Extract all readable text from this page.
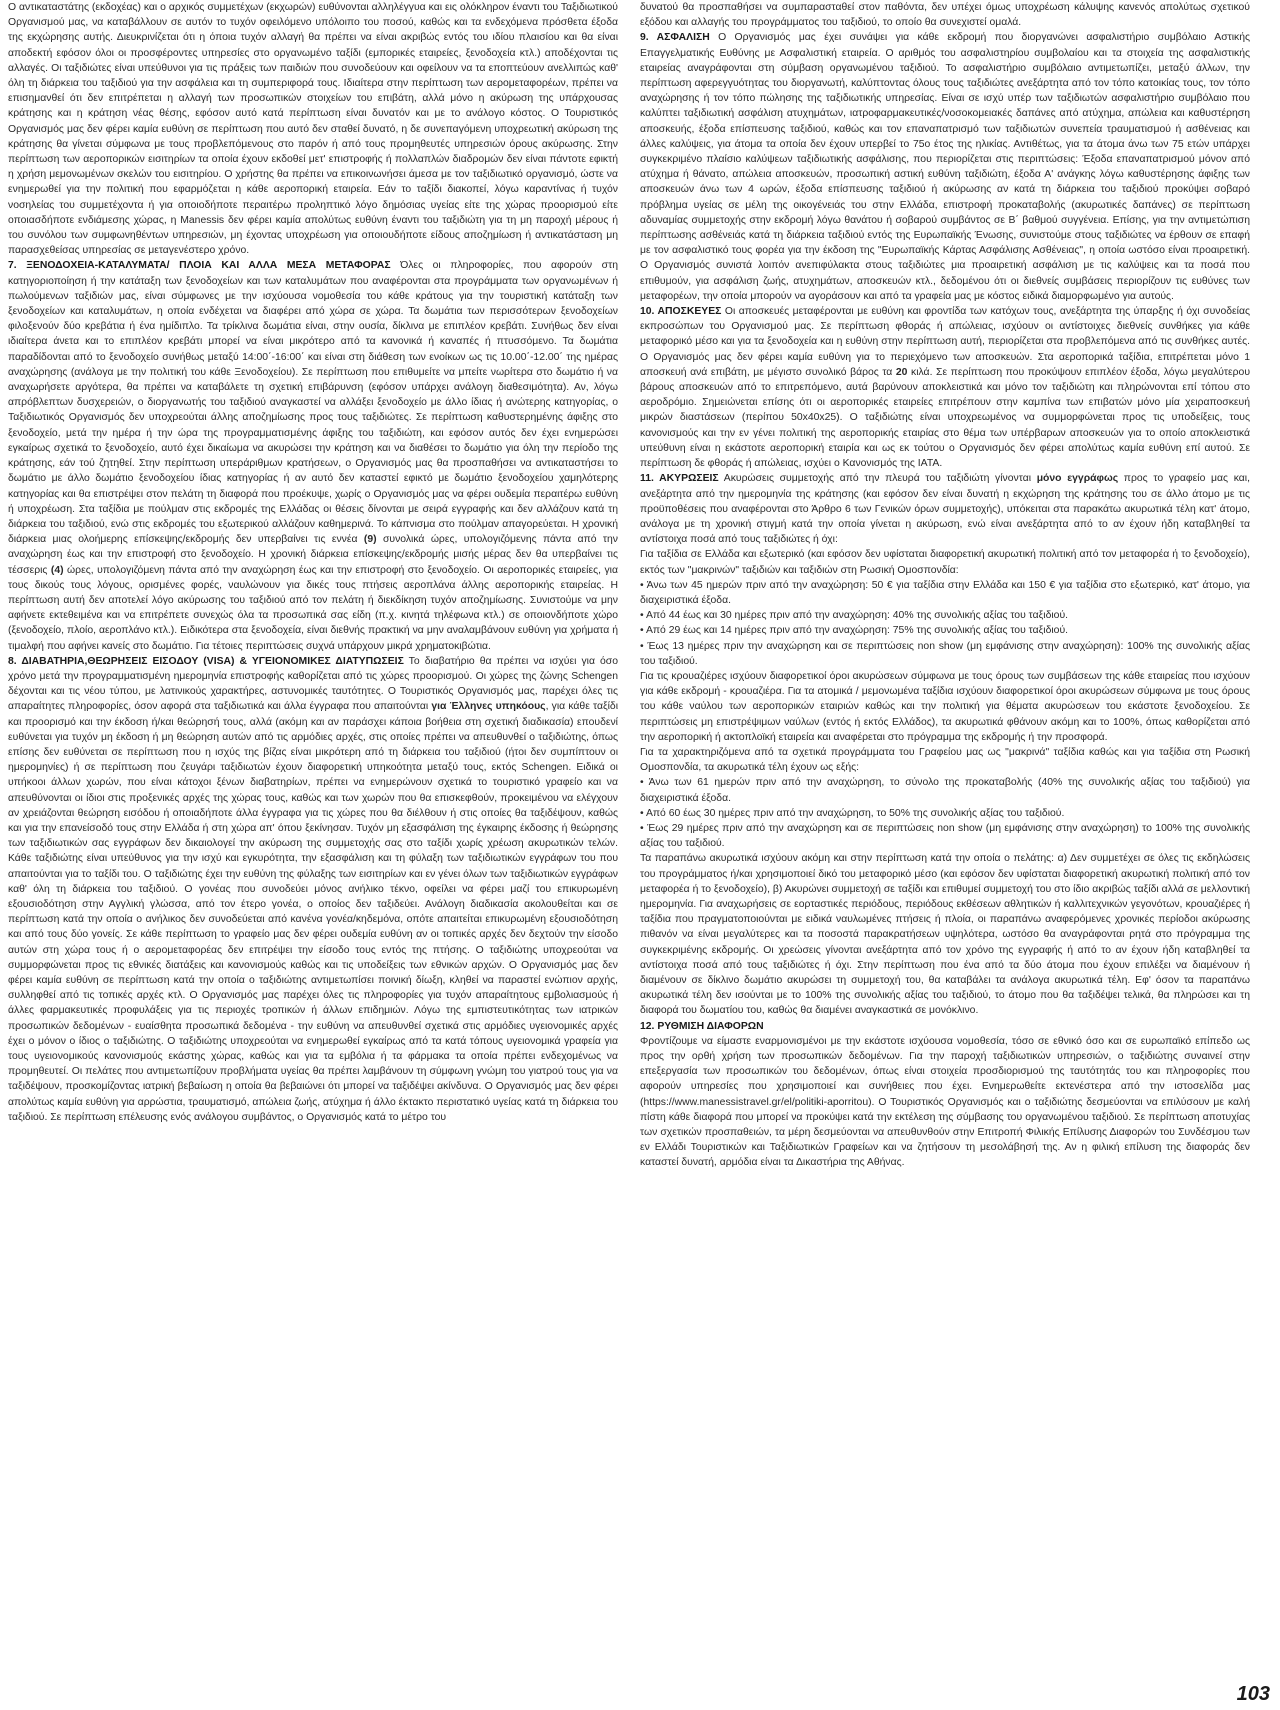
Ο αντικαταστάτης (εκδοχέας) και ο αρχικός συμμετέχων (εκχωρών) ευθύνονται αλληλέγγυα και εις ολόκληρον έναντι του Ταξιδιωτικού Οργανισμού μας, να καταβάλλουν σε αυτόν το τυχόν οφειλόμενο υπόλοιπο του ποσού, καθώς και τα ενδεχόμενα πρόσθετα έξοδα της εκχώρησης αυτής. Διευκρινίζεται ότι η όποια τυχόν αλλαγή θα πρέπει να είναι ακριβώς εντός του ιδίου πλαισίου και θα είναι αποδεκτή εφόσον όλοι οι προσφέροντες υπηρεσίες στο οργανωμένο ταξίδι (εμπορικές εταιρείες, ξενοδοχεία κτλ.) αποδέχονται τις αλλαγές. Οι ταξιδιώτες είναι υπεύθυνοι για τις πράξεις των παιδιών που συνοδεύουν και οφείλουν να τα εποπτεύουν ανελλιπώς καθ' όλη τη διάρκεια του ταξιδιού για την ασφάλεια και τη συμπεριφορά τους. Ιδιαίτερα στην περίπτωση των αερομεταφορέων, πρέπει να επισημανθεί ότι δεν επιτρέπεται η αλλαγή των προσωπικών στοιχείων του επιβάτη, αλλά μόνο η ακύρωση της υπάρχουσας κράτησης και η κράτηση νέας θέσης, εφόσον αυτό κατά περίπτωση είναι δυνατόν και με το ανάλογο κόστος. Ο Τουριστικός Οργανισμός μας δεν φέρει καμία ευθύνη σε περίπτωση που αυτό δεν σταθεί δυνατό, η δε συνεπαγόμενη υποχρεωτική ακύρωση της κράτησης θα γίνεται σύμφωνα με τους προβλεπόμενους στο παρόν ή από τους προμηθευτές υπηρεσιών όρους ακύρωσης. Στην περίπτωση των αεροπορικών εισιτηρίων τα οποία έχουν εκδοθεί μετ' επιστροφής ή πολλαπλών διαδρομών δεν είναι πάντοτε εφικτή η χρήση μεμονωμένων σκελών του εισιτηρίου. Ο χρήστης θα πρέπει να επικοινωνήσει άμεσα με τον ταξιδιωτικό οργανισμό, ώστε να ενημερωθεί για την πολιτική που εφαρμόζεται η κάθε αεροπορική εταιρεία. Εάν το ταξίδι διακοπεί, λόγω καραντίνας ή τυχόν νοσηλείας του συμμετέχοντα ή για οποιοδήποτε περαιτέρω προληπτικό λόγο δημόσιας υγείας είτε της χώρας προορισμού είτε οποιασδήποτε ενδιάμεσης χώρας, η Manessis δεν φέρει καμία απολύτως ευθύνη έναντι του ταξιδιώτη για τη μη παροχή μέρους ή του συνόλου των συμφωνηθέντων υπηρεσιών, μη έχοντας υποχρέωση για οποιουδήποτε είδους αποζημίωση ή αντικατάσταση μη παρασχεθείσας υπηρεσίας σε μεταγενέστερο χρόνο.

7. ΞΕΝΟΔΟΧΕΙΑ-ΚΑΤΑΛΥΜΑΤΑ/ ΠΛΟΙΑ ΚΑΙ ΑΛΛΑ ΜΕΣΑ ΜΕΤΑΦΟΡΑΣ Όλες οι πληροφορίες, που αφορούν στη κατηγοριοποίηση ή την κατάταξη των ξενοδοχείων και των καταλυμάτων που αναφέρονται στα προγράμματα των οργανωμένων ή πωλούμενων ταξιδιών μας, είναι σύμφωνες με την ισχύουσα νομοθεσία του κάθε κράτους για την τουριστική κατάταξη των ξενοδοχείων και καταλυμάτων, η οποία ενδέχεται να διαφέρει από χώρα σε χώρα. Τα δωμάτια των περισσότερων ξενοδοχείων φιλοξενούν δύο κρεβάτια ή ένα ημίδιπλο. Τα τρίκλινα δωμάτια είναι, στην ουσία, δίκλινα με επιπλέον κρεβάτι. Συνήθως δεν είναι ιδιαίτερα άνετα και το επιπλέον κρεβάτι μπορεί να είναι μικρότερο από τα κανονικά ή καναπές ή πτυσσόμενο. Τα δωμάτια παραδίδονται από το ξενοδοχείο συνήθως μεταξύ 14:00΄-16:00΄ και είναι στη διάθεση των ενοίκων ως τις 10.00΄-12.00΄ της ημέρας αναχώρησης (ανάλογα με την πολιτική του κάθε Ξενοδοχείου). Σε περίπτωση που επιθυμείτε να μπείτε νωρίτερα στο δωμάτιο ή να αναχωρήσετε αργότερα, θα πρέπει να καταβάλετε τη σχετική επιβάρυνση (εφόσον υπάρχει ανάλογη διαθεσιμότητα). Αν, λόγω απρόβλεπτων δυσχερειών, ο διοργανωτής του ταξιδιού αναγκαστεί να αλλάξει ξενοδοχείο με άλλο ίδιας ή ανώτερης κατηγορίας, ο Ταξιδιωτικός Οργανισμός δεν υποχρεούται άλλης αποζημίωσης προς τους ταξιδιώτες. Σε περίπτωση καθυστερημένης άφιξης στο ξενοδοχείο, μετά την ημέρα ή την ώρα της προγραμματισμένης άφιξης του ταξιδιώτη, και εφόσον αυτός δεν έχει ενημερώσει εγκαίρως σχετικά το ξενοδοχείο, αυτό έχει δικαίωμα να ακυρώσει την κράτηση και να διαθέσει το δωμάτιο για όλη την περίοδο της κράτησης, εάν τού ζητηθεί. Στην περίπτωση υπεράριθμων κρατήσεων, ο Οργανισμός μας θα προσπαθήσει να αντικαταστήσει το δωμάτιο με άλλο δωμάτιο ξενοδοχείου ίδιας κατηγορίας ή αν αυτό δεν καταστεί εφικτό με δωμάτιο ξενοδοχείου χαμηλότερης κατηγορίας και θα επιστρέψει στον πελάτη τη διαφορά που προέκυψε, χωρίς ο Οργανισμός μας να φέρει ουδεμία περαιτέρω ευθύνη ή υποχρέωση. Στα ταξίδια με πούλμαν στις εκδρομές της Ελλάδας οι θέσεις δίνονται με σειρά εγγραφής και δεν αλλάζουν κατά τη διάρκεια του ταξιδιού, ενώ στις εκδρομές του εξωτερικού αλλάζουν καθημερινά. Το κάπνισμα στο πούλμαν απαγορεύεται. Η χρονική διάρκεια μιας ολοήμερης επίσκεψης/εκδρομής δεν υπερβαίνει τις εννέα (9) συνολικά ώρες, υπολογιζόμενης πάντα από την αναχώρηση έως και την επιστροφή στο ξενοδοχείο. Η χρονική διάρκεια επίσκεψης/εκδρομής μισής μέρας δεν θα υπερβαίνει τις τέσσερις (4) ώρες, υπολογιζόμενη πάντα από την αναχώρηση έως και την επιστροφή στο ξενοδοχείο. Οι αεροπορικές εταιρείες, για τους δικούς τους λόγους, ορισμένες φορές, ναυλώνουν για δικές τους πτήσεις αεροπλάνα άλλης αεροπορικής εταιρείας. Η περίπτωση αυτή δεν αποτελεί λόγο ακύρωσης του ταξιδιού από τον πελάτη ή διεκδίκηση τυχόν αποζημίωσης. Συνιστούμε να μην αφήνετε εκτεθειμένα και να επιτρέπετε συνεχώς όλα τα προσωπικά σας είδη (π.χ. κινητά τηλέφωνα κτλ.) σε οποιονδήποτε χώρο (ξενοδοχείο, πλοίο, αεροπλάνο κτλ.). Ειδικότερα στα ξενοδοχεία, είναι διεθνής πρακτική να μην αναλαμβάνουν ευθύνη για χρήματα ή τιμαλφή που αφήνει κανείς στο δωμάτιο. Για τέτοιες περιπτώσεις συχνά υπάρχουν μικρά χρηματοκιβώτια.

8. ΔΙΑΒΑΤΗΡΙΑ,ΘΕΩΡΗΣΕΙΣ ΕΙΣΟΔΟΥ (VISA) & ΥΓΕΙΟΝΟΜΙΚΕΣ ΔΙΑΤΥΠΩΣΕΙΣ Το διαβατήριο θα πρέπει να ισχύει για όσο χρόνο μετά την προγραμματισμένη ημερομηνία επιστροφής καθορίζεται από τις χώρες προορισμού. Οι χώρες της ζώνης Schengen δέχονται και τις νέου τύπου, με λατινικούς χαρακτήρες, αστυνομικές ταυτότητες. Ο Τουριστικός Οργανισμός μας, παρέχει όλες τις απαραίτητες πληροφορίες, όσον αφορά στα ταξιδιωτικά και άλλα έγγραφα που απαιτούνται για Έλληνες υπηκόους, για κάθε ταξίδι και προορισμό και την έκδοση ή/και θεώρησή τους, αλλά (ακόμη και αν παράσχει κάποια βοήθεια στη σχετική διαδικασία) επουδενί ευθύνεται για τυχόν μη έκδοση ή μη θεώρηση αυτών από τις αρμόδιες αρχές, στις οποίες πρέπει να απευθυνθεί ο ταξιδιώτης, όπως επίσης δεν ευθύνεται σε περίπτωση που η ισχύς της βίζας είναι μικρότερη από τη διάρκεια του ταξιδιού (ήτοι δεν συμπίπτουν οι ημερομηνίες) ή σε περίπτωση που ζευγάρι ταξιδιωτών έχουν διαφορετική υπηκοότητα μεταξύ τους, εκτός Schengen. Ειδικά οι υπήκοοι άλλων χωρών, που είναι κάτοχοι ξένων διαβατηρίων, πρέπει να ενημερώνουν σχετικά το τουριστικό γραφείο και να απευθύνονται οι ίδιοι στις προξενικές αρχές της χώρας τους, καθώς και των χωρών που θα επισκεφθούν, προκειμένου να ελέγχουν αν χρειάζονται θεώρηση εισόδου ή οποιαδήποτε άλλα έγγραφα για τις χώρες που θα διέλθουν ή στις οποίες θα ταξιδέψουν, καθώς και για την επανείσοδό τους στην Ελλάδα ή στη χώρα απ' όπου ξεκίνησαν. Τυχόν μη εξασφάλιση της έγκαιρης έκδοσης ή θεώρησης των ταξιδιωτικών σας εγγράφων δεν δικαιολογεί την ακύρωση της συμμετοχής σας στο ταξίδι χωρίς χρέωση ακυρωτικών τελών. Κάθε ταξιδιώτης είναι υπεύθυνος για την ισχύ και εγκυρότητα, την εξασφάλιση και τη φύλαξη των ταξιδιωτικών εγγράφων του που απαιτούνται για το ταξίδι του. Ο ταξιδιώτης έχει την ευθύνη της φύλαξης των εισιτηρίων και εν γένει όλων των ταξιδιωτικών εγγράφων καθ' όλη τη διάρκεια του ταξιδιού. Ο γονέας που συνοδεύει μόνος ανήλικο τέκνο, οφείλει να φέρει μαζί του επικυρωμένη εξουσιοδότηση στην Αγγλική γλώσσα, από τον έτερο γονέα, ο οποίος δεν ταξιδεύει. Ανάλογη διαδικασία ακολουθείται και σε περίπτωση κατά την οποία ο ανήλικος δεν συνοδεύεται από κανένα γονέα/κηδεμόνα, οπότε απαιτείται επικυρωμένη εξουσιοδότηση και από τους δύο γονείς. Σε κάθε περίπτωση το γραφείο μας δεν φέρει ουδεμία ευθύνη αν οι τοπικές αρχές δεν δεχτούν την είσοδο αυτών στη χώρα τους ή ο αερομεταφορέας δεν επιτρέψει την είσοδο τους εντός της πτήσης. Ο ταξιδιώτης υποχρεούται να συμμορφώνεται προς τις εθνικές διατάξεις και κανονισμούς καθώς και τις υποδείξεις των εθνικών αρχών. Ο Οργανισμός μας δεν φέρει καμία ευθύνη σε περίπτωση κατά την οποία ο ταξιδιώτης αντιμετωπίσει ποινική δίωξη, κληθεί να παραστεί ενώπιον αρχής, συλληφθεί από τις τοπικές αρχές κτλ. Ο Οργανισμός μας παρέχει όλες τις πληροφορίες για τυχόν απαραίτητους εμβολιασμούς ή άλλες φαρμακευτικές προφυλάξεις για τις περιοχές τροπικών ή άλλων επιδημιών. Λόγω της εμπιστευτικότητας των ιατρικών προσωπικών δεδομένων - ευαίσθητα προσωπικά δεδομένα - την ευθύνη να απευθυνθεί σχετικά στις αρμόδιες υγειονομικές αρχές έχει ο μόνον ο ίδιος ο ταξιδιώτης. Ο ταξιδιώτης υποχρεούται να ενημερωθεί εγκαίρως από τα κατά τόπους υγειονομικά γραφεία για τους υγειονομικούς κανονισμούς εκάστης χώρας, καθώς και για τα εμβόλια ή τα φάρμακα τα οποία πρέπει ενδεχομένως να προμηθευτεί. Οι πελάτες που αντιμετωπίζουν προβλήματα υγείας θα πρέπει λαμβάνουν τη σύμφωνη γνώμη του γιατρού τους για να ταξιδέψουν, προσκομίζοντας ιατρική βεβαίωση η οποία θα βεβαιώνει ότι μπορεί να ταξιδέψει ακίνδυνα. Ο Οργανισμός μας δεν φέρει απολύτως καμία ευθύνη για αρρώστια, τραυματισμό, απώλεια ζωής, ατύχημα ή άλλο έκτακτο περιστατικό υγείας κατά τη διάρκεια του ταξιδιού. Σε περίπτωση επέλευσης ενός ανάλογου συμβάντος, ο Οργανισμός κατά το μέτρο του

δυνατού θα προσπαθήσει να συμπαρασταθεί στον παθόντα, δεν υπέχει όμως υποχρέωση κάλυψης κανενός απολύτως σχετικού εξόδου και αλλαγής του προγράμματος του ταξιδιού, το οποίο θα συνεχιστεί ομαλά.

9. ΑΣΦΑΛΙΣΗ Ο Οργανισμός μας έχει συνάψει για κάθε εκδρομή που διοργανώνει ασφαλιστήριο συμβόλαιο Αστικής Επαγγελματικής Ευθύνης με Ασφαλιστική εταιρεία. Ο αριθμός του ασφαλιστηρίου συμβολαίου και τα στοιχεία της ασφαλιστικής εταιρείας αναγράφονται στη σύμβαση οργανωμένου ταξιδιού. Το ασφαλιστήριο συμβόλαιο αντιμετωπίζει, μεταξύ άλλων, την περίπτωση αφερεγγυότητας του διοργανωτή, καλύπτοντας όλους τους ταξιδιώτες ανεξάρτητα από τον τόπο κατοικίας τους, τον τόπο αναχώρησης ή τον τόπο πώλησης της ταξιδιωτικής υπηρεσίας. Είναι σε ισχύ υπέρ των ταξιδιωτών ασφαλιστήριο συμβόλαιο που καλύπτει ταξιδιωτική ασφάλιση ατυχημάτων, ιατροφαρμακευτικές/νοσοκομειακές δαπάνες από ατύχημα, απώλεια και καθυστέρηση αποσκευής, έξοδα επίσπευσης ταξιδιού, καθώς και τον επαναπατρισμό των ταξιδιωτών συνεπεία τραυματισμού ή ασθένειας και άλλες καλύψεις, για άτομα τα οποία δεν έχουν υπερβεί το 75ο έτος της ηλικίας. Αντιθέτως, για τα άτομα άνω των 75 ετών υπάρχει συγκεκριμένο πλαίσιο καλύψεων ταξιδιωτικής ασφάλισης, που περιορίζεται στις περιπτώσεις: Έξοδα επαναπατρισμού μόνον από ατύχημα ή θάνατο, απώλεια αποσκευών, προσωπική αστική ευθύνη ταξιδιώτη, έξοδα Α' ανάγκης λόγω καθυστέρησης άφιξης των αποσκευών άνω των 4 ωρών, έξοδα επίσπευσης ταξιδιού ή ακύρωσης αν κατά τη διάρκεια του ταξιδιού προκύψει σοβαρό πρόβλημα υγείας σε μέλη της οικογένειάς του στην Ελλάδα, επιστροφή προκαταβολής (ακυρωτικές δαπάνες) σε περίπτωση αδυναμίας συμμετοχής στην εκδρομή λόγω θανάτου ή σοβαρού συμβάντος σε Β΄ βαθμού συγγένεια. Επίσης, για την αντιμετώπιση περίπτωσης ασθένειάς κατά τη διάρκεια ταξιδιού εντός της Ευρωπαϊκής Ένωσης, συνιστούμε στους ταξιδιώτες να έρθουν σε επαφή με τον ασφαλιστικό τους φορέα για την έκδοση της "Ευρωπαϊκής Κάρτας Ασφάλισης Ασθένειας", η οποία ωστόσο είναι προαιρετική. Ο Οργανισμός συνιστά λοιπόν ανεπιφύλακτα στους ταξιδιώτες μια προαιρετική ασφάλιση με τις καλύψεις και τα ποσά που επιθυμούν, για ασφάλιση ζωής, ατυχημάτων, αποσκευών κτλ., δεδομένου ότι οι διεθνείς συμβάσεις περιορίζουν τις ευθύνες των μεταφορέων, την οποία μπορούν να αγοράσουν και από τα γραφεία μας με κόστος ειδικά διαμορφωμένο για αυτούς.

10. ΑΠΟΣΚΕΥΕΣ Οι αποσκευές μεταφέρονται με ευθύνη και φροντίδα των κατόχων τους, ανεξάρτητα της ύπαρξης ή όχι συνοδείας εκπροσώπων του Οργανισμού μας. Σε περίπτωση φθοράς ή απώλειας, ισχύουν οι αντίστοιχες διεθνείς συνθήκες για κάθε μεταφορικό μέσο και για τα ξενοδοχεία και η ευθύνη στην περίπτωση αυτή, περιορίζεται στα προβλεπόμενα από τις συνθήκες αυτές. Ο Οργανισμός μας δεν φέρει καμία ευθύνη για το περιεχόμενο των αποσκευών. Στα αεροπορικά ταξίδια, επιτρέπεται μόνο 1 αποσκευή ανά επιβάτη, με μέγιστο συνολικό βάρος τα 20 κιλά. Σε περίπτωση που προκύψουν επιπλέον έξοδα, λόγω μεγαλύτερου βάρους αποσκευών από το επιτρεπόμενο, αυτά βαρύνουν αποκλειστικά και μόνο τον ταξιδιώτη και πληρώνονται επί τόπου στο αεροδρόμιο. Σημειώνεται επίσης ότι οι αεροπορικές εταιρείες επιτρέπουν στην καμπίνα των επιβατών μόνο μία χειραποσκευή μικρών διαστάσεων (περίπου 50x40x25). Ο ταξιδιώτης είναι υποχρεωμένος να συμμορφώνεται προς τις υποδείξεις, τους κανονισμούς και την εν γένει πολιτική της αεροπορικής εταιρίας στο θέμα των υπέρβαρων αποσκευών για το οποίο αποκλειστικά υπεύθυνη είναι η εκάστοτε αεροπορική εταιρία και ως εκ τούτου ο Οργανισμός δεν φέρει απολύτως καμία ευθύνη επί αυτού. Σε περίπτωση δε φθοράς ή απώλειας, ισχύει ο Κανονισμός της ΙΑΤΑ.

11. ΑΚΥΡΩΣΕΙΣ Ακυρώσεις συμμετοχής από την πλευρά του ταξιδιώτη γίνονται μόνο εγγράφως προς το γραφείο μας και, ανεξάρτητα από την ημερομηνία της κράτησης (και εφόσον δεν είναι δυνατή η εκχώρηση της κράτησης του σε άλλο άτομο με τις προϋποθέσεις που αναφέρονται στο Άρθρο 6 των Γενικών όρων συμμετοχής), υπόκειται στα παρακάτω ακυρωτικά τέλη κατ' άτομο, ανάλογα με τη χρονική στιγμή κατά την οποία γίνεται η ακύρωση, ενώ είναι ανεξάρτητα από το αν έχουν ήδη καταβληθεί τα αντίστοιχα ποσά από τους ταξιδιώτες ή όχι:

Για ταξίδια σε Ελλάδα και εξωτερικό (και εφόσον δεν υφίσταται διαφορετική ακυρωτική πολιτική από τον μεταφορέα ή το ξενοδοχείο), εκτός των "μακρινών" ταξιδιών και ταξιδιών στη Ρωσική Ομοσπονδία:

• Άνω των 45 ημερών πριν από την αναχώρηση: 50 € για ταξίδια στην Ελλάδα και 150 € για ταξίδια στο εξωτερικό, κατ' άτομο, για διαχειριστικά έξοδα.

• Από 44 έως και 30 ημέρες πριν από την αναχώρηση: 40% της συνολικής αξίας του ταξιδιού.

• Από 29 έως και 14 ημέρες πριν από την αναχώρηση: 75% της συνολικής αξίας του ταξιδιού.

• Έως 13 ημέρες πριν την αναχώρηση και σε περιπτώσεις non show (μη εμφάνισης στην αναχώρηση): 100% της συνολικής αξίας του ταξιδιού.

Για τις κρουαζιέρες ισχύουν διαφορετικοί όροι ακυρώσεων σύμφωνα με τους όρους των συμβάσεων της κάθε εταιρείας που ισχύουν για κάθε εκδρομή - κρουαζιέρα. Για τα ατομικά / μεμονωμένα ταξίδια ισχύουν διαφορετικοί όροι ακυρώσεων σύμφωνα με τους όρους του κάθε ναύλου των αεροπορικών εταιριών καθώς και την πολιτική για θέματα ακυρώσεων του εκάστοτε ξενοδοχείου. Σε περιπτώσεις μη επιστρέψιμων ναύλων (εντός ή εκτός Ελλάδος), τα ακυρωτικά φθάνουν ακόμη και το 100%, όπως καθορίζεται από την αεροπορική ή ακτοπλοϊκή εταιρεία και αναφέρεται στο πρόγραμμα της εκδρομής ή την προσφορά.

Για τα χαρακτηριζόμενα από τα σχετικά προγράμματα του Γραφείου μας ως "μακρινά" ταξίδια καθώς και για ταξίδια στη Ρωσική Ομοσπονδία, τα ακυρωτικά τέλη έχουν ως εξής:

• Άνω των 61 ημερών πριν από την αναχώρηση, το σύνολο της προκαταβολής (40% της συνολικής αξίας του ταξιδιού) για διαχειριστικά έξοδα.

• Από 60 έως 30 ημέρες πριν από την αναχώρηση, το 50% της συνολικής αξίας του ταξιδιού.

• Έως 29 ημέρες πριν από την αναχώρηση και σε περιπτώσεις non show (μη εμφάνισης στην αναχώρηση) το 100% της συνολικής αξίας του ταξιδιού.

Τα παραπάνω ακυρωτικά ισχύουν ακόμη και στην περίπτωση κατά την οποία ο πελάτης: α) Δεν συμμετέχει σε όλες τις εκδηλώσεις του προγράμματος ή/και χρησιμοποιεί δικό του μεταφορικό μέσο (και εφόσον δεν υφίσταται διαφορετική ακυρωτική πολιτική από τον μεταφορέα ή το ξενοδοχείο), β) Ακυρώνει συμμετοχή σε ταξίδι και επιθυμεί συμμετοχή του στο ίδιο ακριβώς ταξίδι αλλά σε μελλοντική ημερομηνία. Για αναχωρήσεις σε εορταστικές περιόδους, περιόδους εκθέσεων αθλητικών ή καλλιτεχνικών γεγονότων, κρουαζιέρες ή ταξίδια που πραγματοποιούνται με ειδικά ναυλωμένες πτήσεις ή πλοία, οι παραπάνω αναφερόμενες χρονικές περίοδοι ακύρωσης πιθανόν να είναι μεγαλύτερες και τα ποσοστά παρακρατήσεων υψηλότερα, ωστόσο θα αναγράφονται ρητά στο πρόγραμμα της συγκεκριμένης εκδρομής. Οι χρεώσεις γίνονται ανεξάρτητα από τον χρόνο της εγγραφής ή από το αν έχουν ήδη καταβληθεί τα αντίστοιχα ποσά από τους ταξιδιώτες ή όχι. Στην περίπτωση που ένα από τα δύο άτομα που έχουν επιλέξει να διαμένουν ή διαμένουν σε δίκλινο δωμάτιο ακυρώσει τη συμμετοχή του, θα καταβάλει τα ανάλογα ακυρωτικά τέλη. Εφ' όσον τα παραπάνω ακυρωτικά τέλη δεν ισούνται με το 100% της συνολικής αξίας του ταξιδιού, το άτομο που θα ταξιδέψει τελικά, θα πληρώσει και τη διαφορά του δωματίου του, καθώς θα διαμένει αναγκαστικά σε μονόκλινο.

12. ΡΥΘΜΙΣΗ ΔΙΑΦΟΡΩΝ

Φροντίζουμε να είμαστε εναρμονισμένοι με την εκάστοτε ισχύουσα νομοθεσία, τόσο σε εθνικό όσο και σε ευρωπαϊκό επίπεδο ως προς την ορθή χρήση των προσωπικών δεδομένων. Για την παροχή ταξιδιωτικών υπηρεσιών, ο ταξιδιώτης συναινεί στην επεξεργασία των προσωπικών του δεδομένων, όπως είναι στοιχεία προσδιορισμού της ταυτότητάς του και πληροφορίες που αφορούν υπηρεσίες που χρησιμοποιεί και συνήθειες που έχει. Ενημερωθείτε εκτενέστερα από την ιστοσελίδα μας (https://www.manessistravel.gr/el/politiki-aporritou). Ο Τουριστικός Οργανισμός και ο ταξιδιώτης δεσμεύονται να επιλύσουν με καλή πίστη κάθε διαφορά που μπορεί να προκύψει κατά την εκτέλεση της σύμβασης του οργανωμένου ταξιδιού. Σε περίπτωση αποτυχίας των σχετικών προσπαθειών, τα μέρη δεσμεύονται να απευθυνθούν στην Επιτροπή Φιλικής Επίλυσης Διαφορών του Συνδέσμου των εν Ελλάδι Τουριστικών και Ταξιδιωτικών Γραφείων και να ζητήσουν τη μεσολάβησή της. Αν η φιλική επίλυση της διαφοράς δεν καταστεί δυνατή, αρμόδια είναι τα Δικαστήρια της Αθήνας.

103
